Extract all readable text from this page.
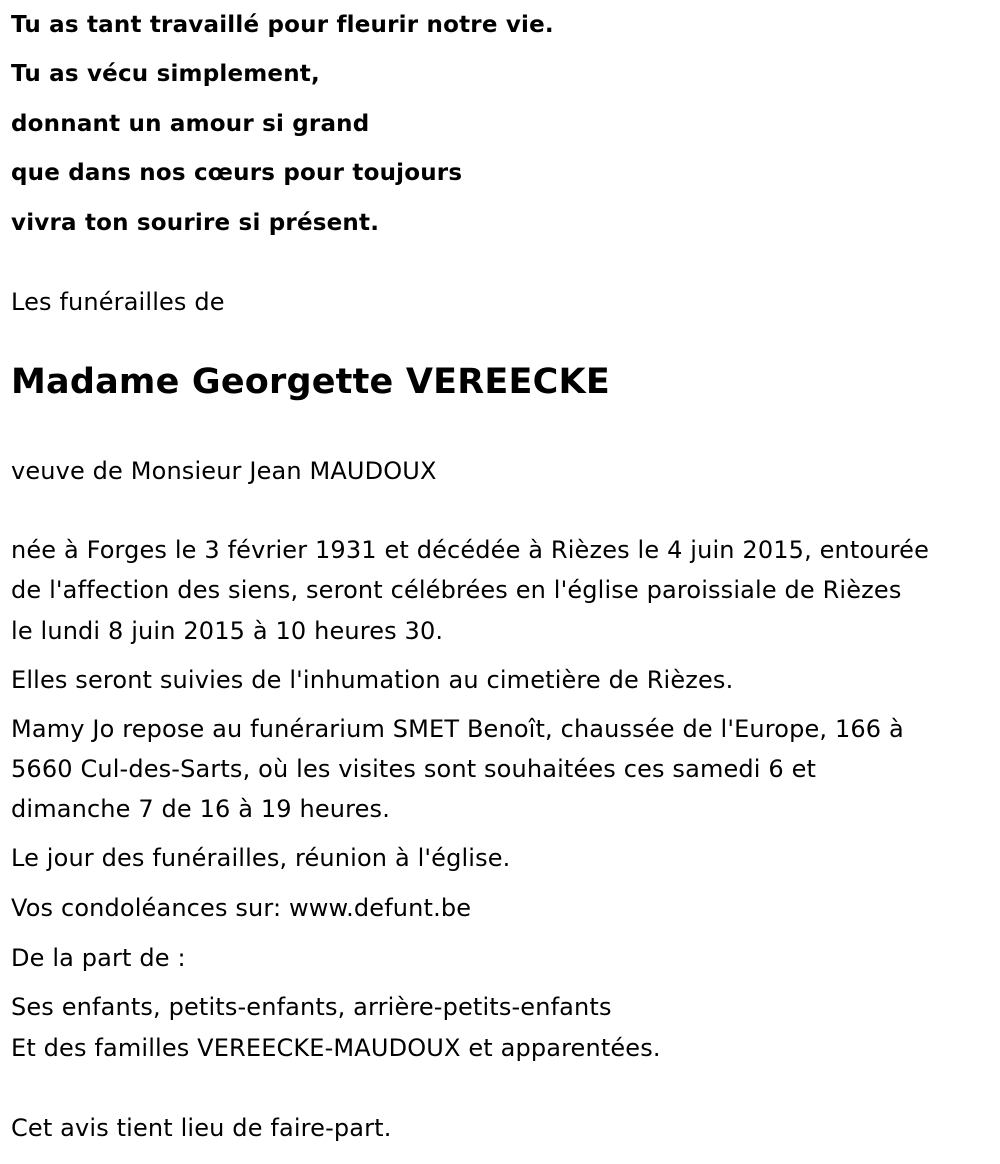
Tu as tant travaillé pour fleurir notre vie.
Tu as vécu simplement,
donnant un amour si grand
que dans nos cœurs pour toujours
vivra ton sourire si présent.
Les funérailles de
Madame Georgette VEREECKE
veuve de Monsieur Jean MAUDOUX
née à Forges le 3 février 1931 et décédée à Rièzes le 4 juin 2015, entourée
de l'affection des siens, seront célébrées en l'église paroissiale de Rièzes
le lundi 8 juin 2015 à 10 heures 30.
Elles seront suivies de l'inhumation au cimetière de Rièzes.
Mamy Jo repose au funérarium SMET Benoît, chaussée de l'Europe, 166 à
5660 Cul-des-Sarts, où les visites sont souhaitées ces samedi 6 et
dimanche 7 de 16 à 19 heures.
Le jour des funérailles, réunion à l'église.
Vos condoléances sur: www.defunt.be
De la part de :
Ses enfants, petits-enfants, arrière-petits-enfants
Et des familles VEREECKE-MAUDOUX et apparentées.
Cet avis tient lieu de faire-part.
